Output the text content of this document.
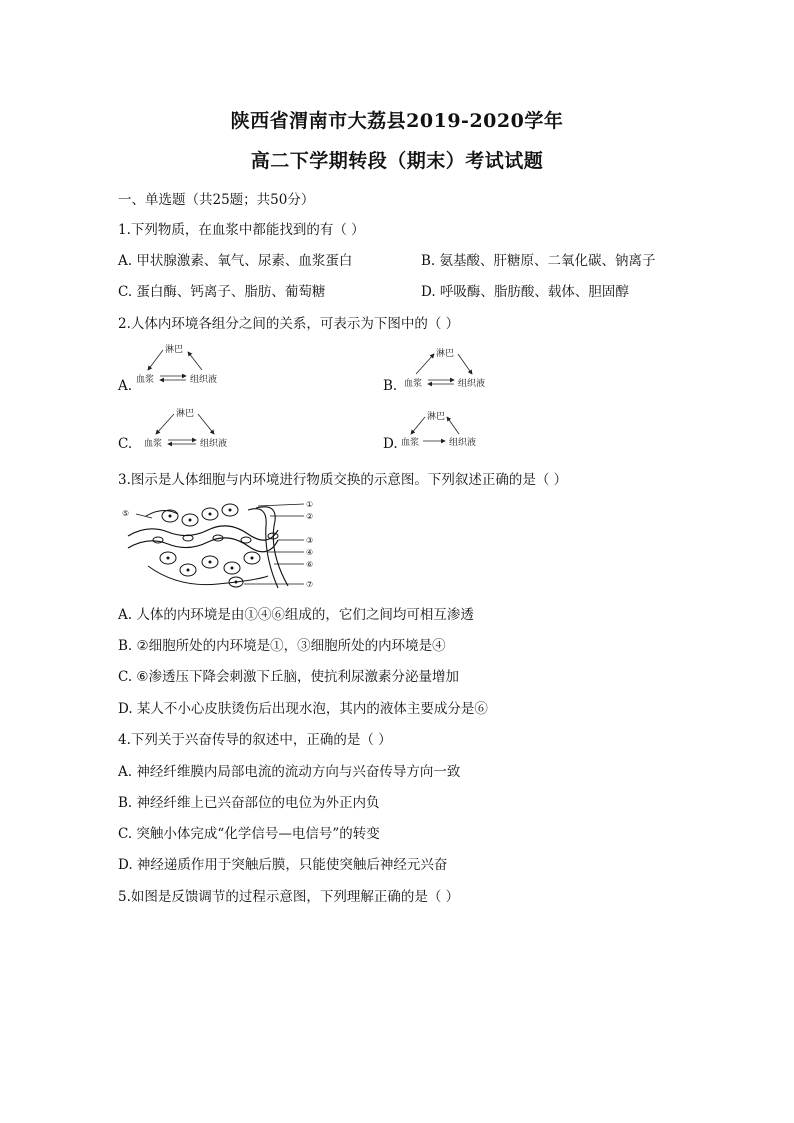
陕西省渭南市大荔县2019-2020学年
高二下学期转段（期末）考试试题
一、单选题（共25题；共50分）
1.下列物质，在血浆中都能找到的有（ ）
A. 甲状腺激素、氧气、尿素、血浆蛋白	B. 氨基酸、肝糖原、二氧化碳、钠离子
C. 蛋白酶、钙离子、脂肪、葡萄糖	D. 呼吸酶、脂肪酸、载体、胆固醇
2.人体内环境各组分之间的关系，可表示为下图中的（ ）
A.
淋巴
血浆	组织液	B.
淋巴
血浆	组织液
C.
淋巴
血浆	组织液	D.
淋巴
血浆	组织液
3.图示是人体细胞与内环境进行物质交换的示意图。下列叙述正确的是（ ）
①
②
③
④
⑤
⑥
⑦
A. 人体的内环境是由①④⑥组成的，它们之间均可相互渗透
B. ②细胞所处的内环境是①，③细胞所处的内环境是④
C. ⑥渗透压下降会刺激下丘脑，使抗利尿激素分泌量增加
D. 某人不小心皮肤烫伤后出现水泡，其内的液体主要成分是⑥
4.下列关于兴奋传导的叙述中，正确的是（ ）
A. 神经纤维膜内局部电流的流动方向与兴奋传导方向一致
B. 神经纤维上已兴奋部位的电位为外正内负
C. 突触小体完成“化学信号—电信号”的转变
D. 神经递质作用于突触后膜，只能使突触后神经元兴奋
5.如图是反馈调节的过程示意图，下列理解正确的是（ ）
